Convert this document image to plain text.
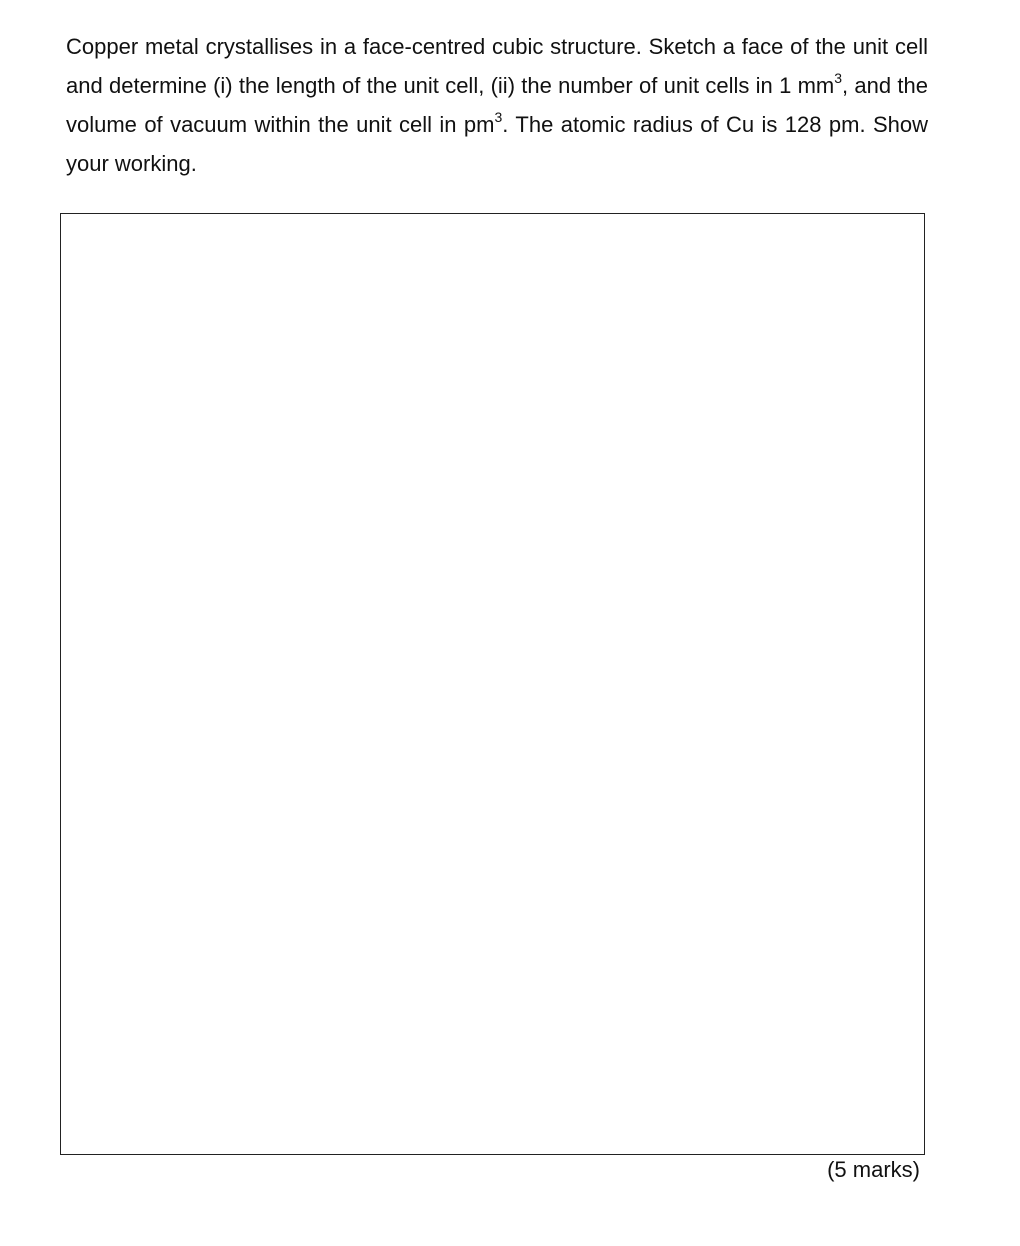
Copper metal crystallises in a face-centred cubic structure. Sketch a face of the unit cell and determine (i) the length of the unit cell, (ii) the number of unit cells in 1 $mm^3$, and the volume of vacuum within the unit cell in $pm^3$. The atomic radius of Cu is 128 pm. Show your working.

(5 marks)
